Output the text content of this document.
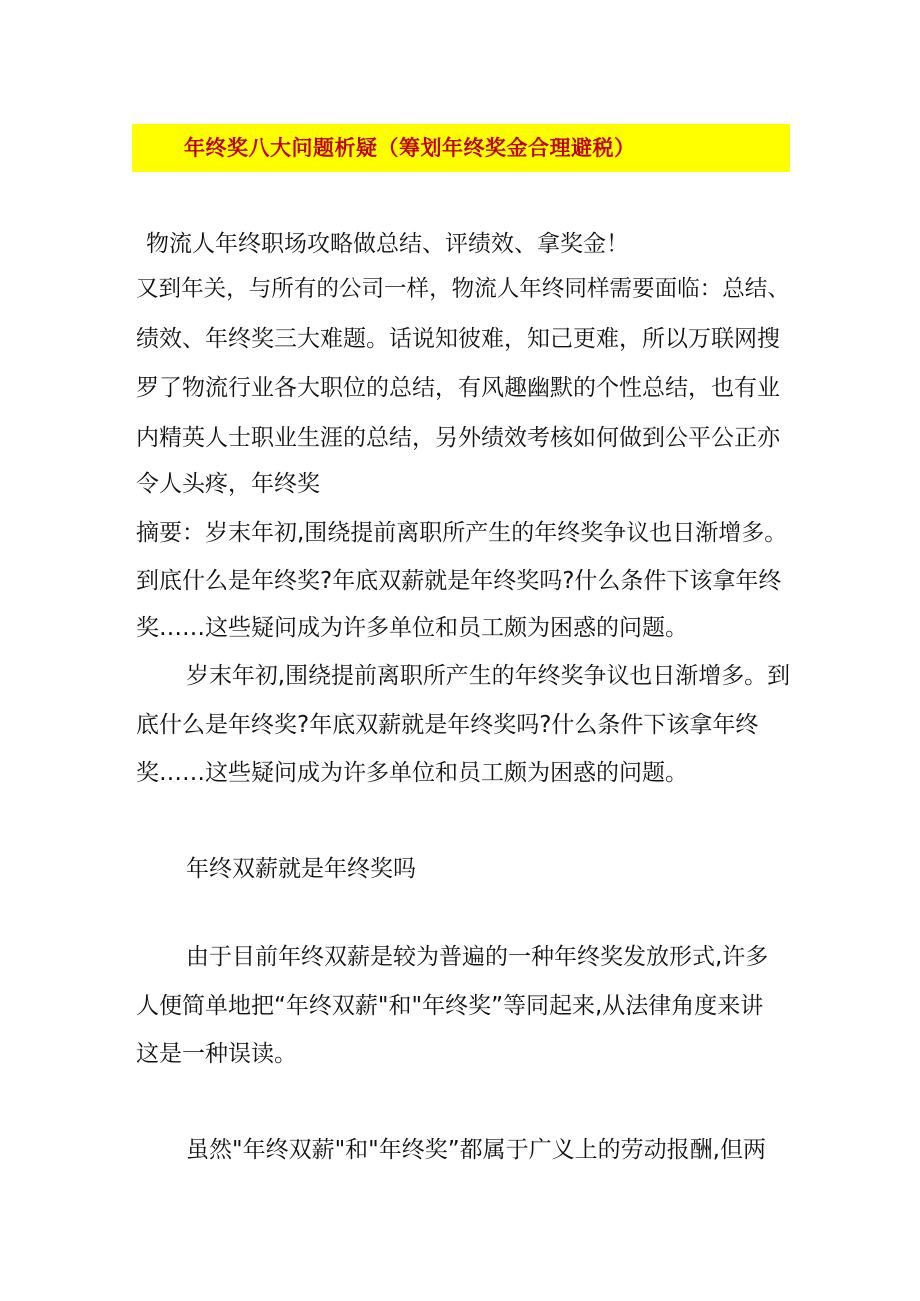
年终奖八大问题析疑（筹划年终奖金合理避税）
物流人年终职场攻略做总结、评绩效、拿奖金！
又到年关，与所有的公司一样，物流人年终同样需要面临：总结、
绩效、年终奖三大难题。话说知彼难，知己更难，所以万联网搜
罗了物流行业各大职位的总结，有风趣幽默的个性总结，也有业
内精英人士职业生涯的总结，另外绩效考核如何做到公平公正亦
令人头疼，年终奖
摘要：岁末年初,围绕提前离职所产生的年终奖争议也日渐增多。
到底什么是年终奖?年底双薪就是年终奖吗?什么条件下该拿年终
奖……这些疑问成为许多单位和员工颇为困惑的问题。
岁末年初,围绕提前离职所产生的年终奖争议也日渐增多。到
底什么是年终奖?年底双薪就是年终奖吗?什么条件下该拿年终
奖……这些疑问成为许多单位和员工颇为困惑的问题。
年终双薪就是年终奖吗
由于目前年终双薪是较为普遍的一种年终奖发放形式,许多
人便简单地把“年终双薪"和"年终奖”等同起来,从法律角度来讲
这是一种误读。
虽然"年终双薪"和"年终奖”都属于广义上的劳动报酬,但两
